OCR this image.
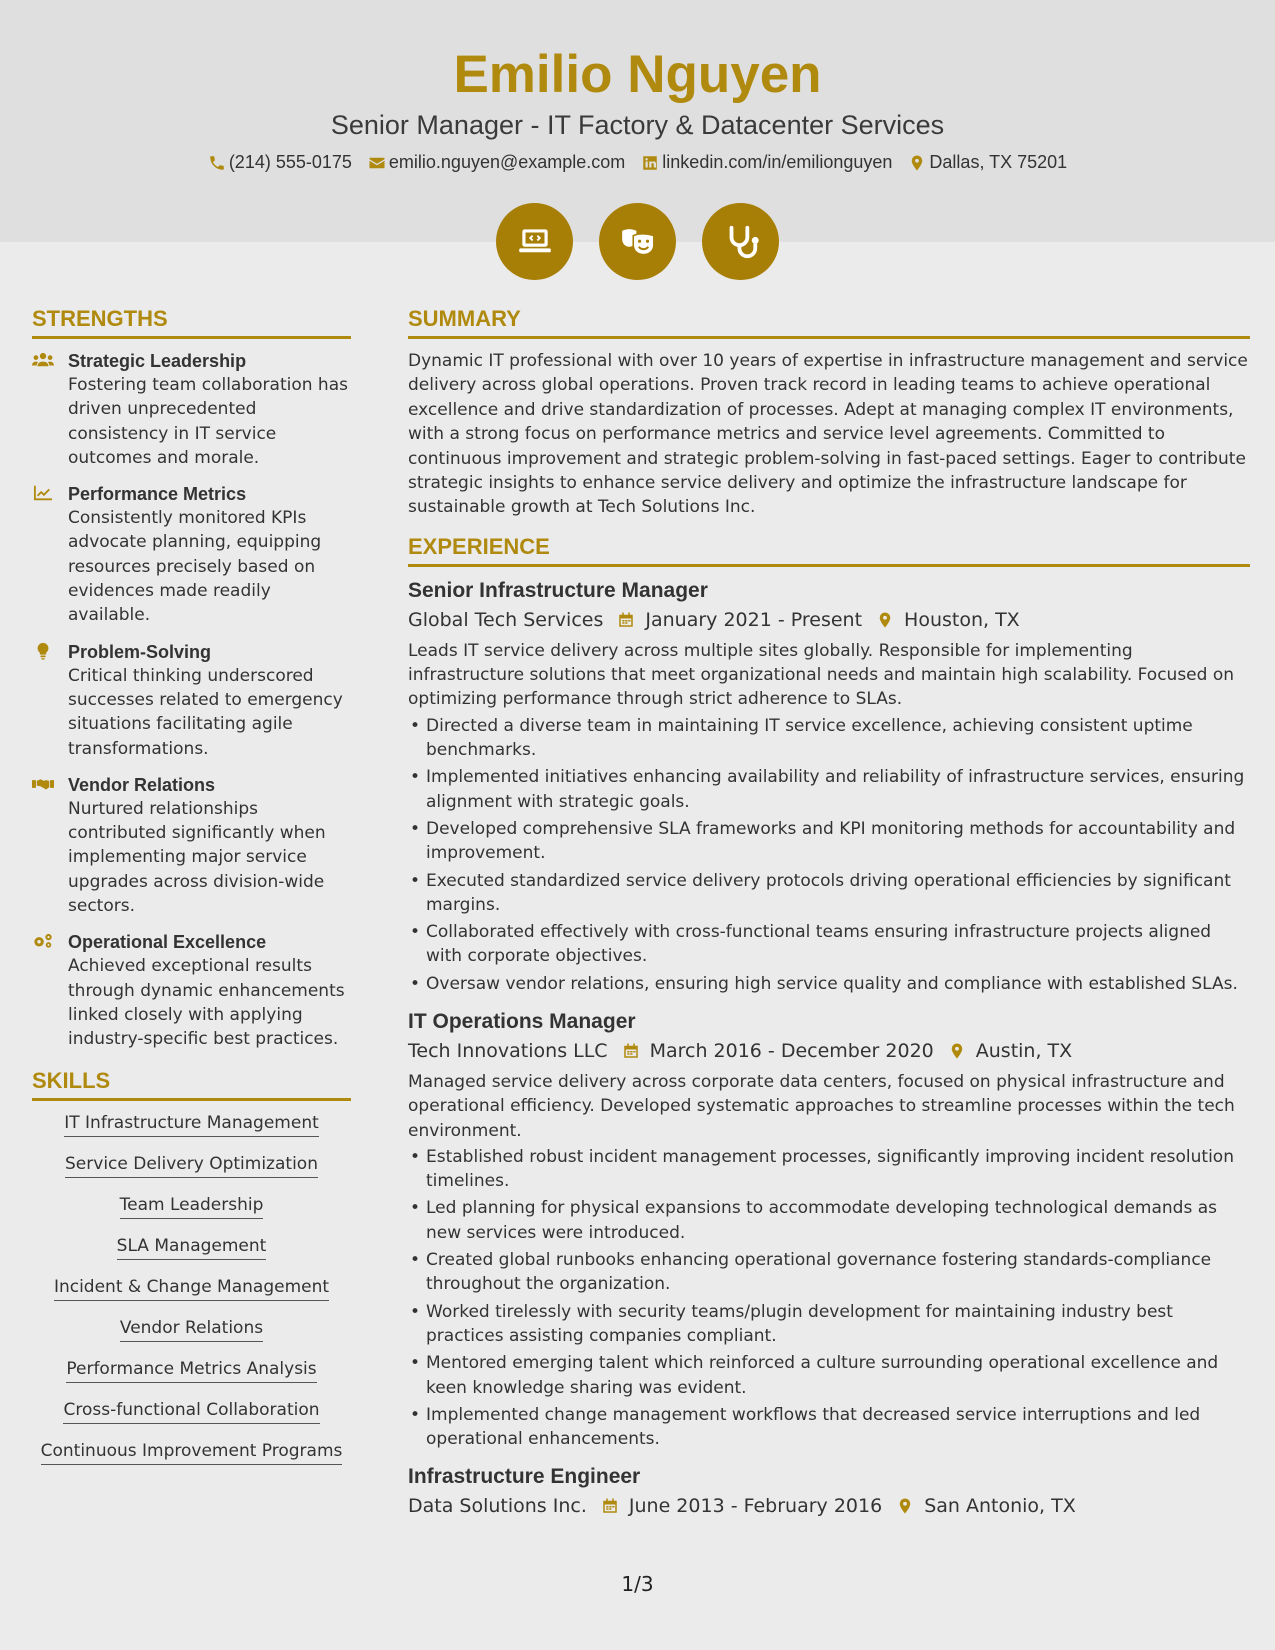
Emilio Nguyen
Senior Manager - IT Factory & Datacenter Services
(214) 555-0175 emilio.nguyen@example.com linkedin.com/in/emilionguyen Dallas, TX 75201
STRENGTHS
Strategic Leadership
Fostering team collaboration has driven unprecedented consistency in IT service outcomes and morale.
Performance Metrics
Consistently monitored KPIs advocate planning, equipping resources precisely based on evidences made readily available.
Problem-Solving
Critical thinking underscored successes related to emergency situations facilitating agile transformations.
Vendor Relations
Nurtured relationships contributed significantly when implementing major service upgrades across division-wide sectors.
Operational Excellence
Achieved exceptional results through dynamic enhancements linked closely with applying industry-specific best practices.
SKILLS
IT Infrastructure Management
Service Delivery Optimization
Team Leadership
SLA Management
Incident & Change Management
Vendor Relations
Performance Metrics Analysis
Cross-functional Collaboration
Continuous Improvement Programs
SUMMARY

Dynamic IT professional with over 10 years of expertise in infrastructure management and service delivery across global operations. Proven track record in leading teams to achieve operational excellence and drive standardization of processes. Adept at managing complex IT environments, with a strong focus on performance metrics and service level agreements. Committed to continuous improvement and strategic problem-solving in fast-paced settings. Eager to contribute strategic insights to enhance service delivery and optimize the infrastructure landscape for sustainable growth at Tech Solutions Inc.

EXPERIENCE
Senior Infrastructure Manager
Global Tech Services January 2021 - Present Houston, TX

Leads IT service delivery across multiple sites globally. Responsible for implementing infrastructure solutions that meet organizational needs and maintain high scalability. Focused on optimizing performance through strict adherence to SLAs.

• Directed a diverse team in maintaining IT service excellence, achieving consistent uptime benchmarks.
• Implemented initiatives enhancing availability and reliability of infrastructure services, ensuring alignment with strategic goals.
• Developed comprehensive SLA frameworks and KPI monitoring methods for accountability and improvement.
• Executed standardized service delivery protocols driving operational efficiencies by significant margins.
• Collaborated effectively with cross-functional teams ensuring infrastructure projects aligned with corporate objectives.
• Oversaw vendor relations, ensuring high service quality and compliance with established SLAs.
IT Operations Manager
Tech Innovations LLC March 2016 - December 2020 Austin, TX

Managed service delivery across corporate data centers, focused on physical infrastructure and operational efficiency. Developed systematic approaches to streamline processes within the tech environment.

• Established robust incident management processes, significantly improving incident resolution timelines.
• Led planning for physical expansions to accommodate developing technological demands as new services were introduced.
• Created global runbooks enhancing operational governance fostering standards-compliance throughout the organization.
• Worked tirelessly with security teams/plugin development for maintaining industry best practices assisting companies compliant.
• Mentored emerging talent which reinforced a culture surrounding operational excellence and keen knowledge sharing was evident.
• Implemented change management workflows that decreased service interruptions and led operational enhancements.
Infrastructure Engineer
Data Solutions Inc. June 2013 - February 2016 San Antonio, TX
1/3
